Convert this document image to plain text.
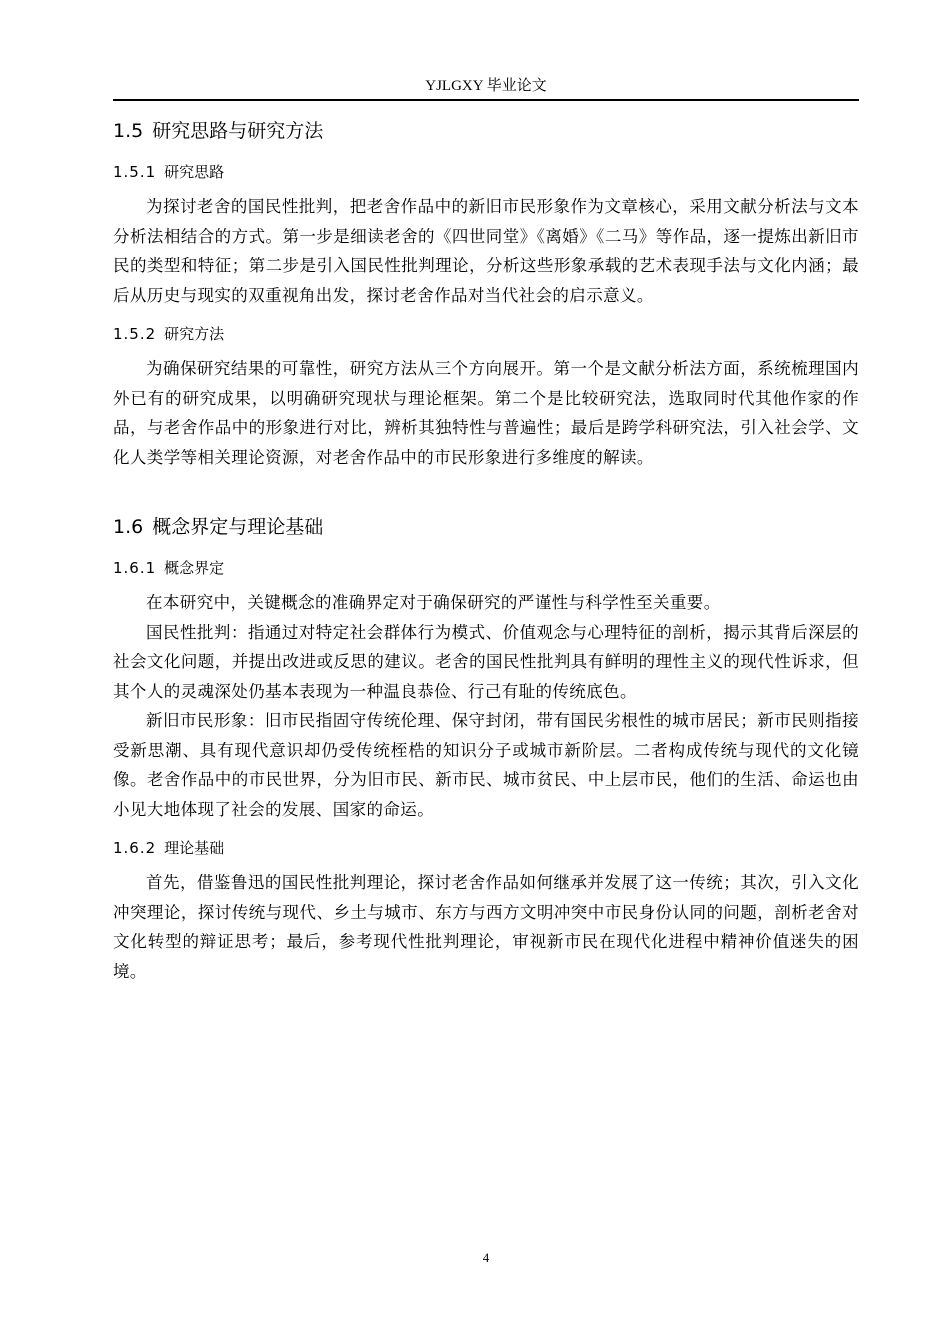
YJLGXY 毕业论文
1.5 研究思路与研究方法
1.5.1 研究思路

为探讨老舍的国民性批判，把老舍作品中的新旧市民形象作为文章核心，采用文献分析法与文本分析法相结合的方式。第一步是细读老舍的《四世同堂》《离婚》《二马》等作品，逐一提炼出新旧市民的类型和特征；第二步是引入国民性批判理论，分析这些形象承载的艺术表现手法与文化内涵；最后从历史与现实的双重视角出发，探讨老舍作品对当代社会的启示意义。

1.5.2 研究方法

为确保研究结果的可靠性，研究方法从三个方向展开。第一个是文献分析法方面，系统梳理国内外已有的研究成果，以明确研究现状与理论框架。第二个是比较研究法，选取同时代其他作家的作品，与老舍作品中的形象进行对比，辨析其独特性与普遍性；最后是跨学科研究法，引入社会学、文化人类学等相关理论资源，对老舍作品中的市民形象进行多维度的解读。

1.6 概念界定与理论基础
1.6.1 概念界定

在本研究中，关键概念的准确界定对于确保研究的严谨性与科学性至关重要。

国民性批判：指通过对特定社会群体行为模式、价值观念与心理特征的剖析，揭示其背后深层的社会文化问题，并提出改进或反思的建议。老舍的国民性批判具有鲜明的理性主义的现代性诉求，但其个人的灵魂深处仍基本表现为一种温良恭俭、行己有耻的传统底色。

新旧市民形象：旧市民指固守传统伦理、保守封闭，带有国民劣根性的城市居民；新市民则指接受新思潮、具有现代意识却仍受传统桎梏的知识分子或城市新阶层。二者构成传统与现代的文化镜像。老舍作品中的市民世界，分为旧市民、新市民、城市贫民、中上层市民，他们的生活、命运也由小见大地体现了社会的发展、国家的命运。

1.6.2 理论基础

首先，借鉴鲁迅的国民性批判理论，探讨老舍作品如何继承并发展了这一传统；其次，引入文化冲突理论，探讨传统与现代、乡土与城市、东方与西方文明冲突中市民身份认同的问题，剖析老舍对文化转型的辩证思考；最后，参考现代性批判理论，审视新市民在现代化进程中精神价值迷失的困境。

4
